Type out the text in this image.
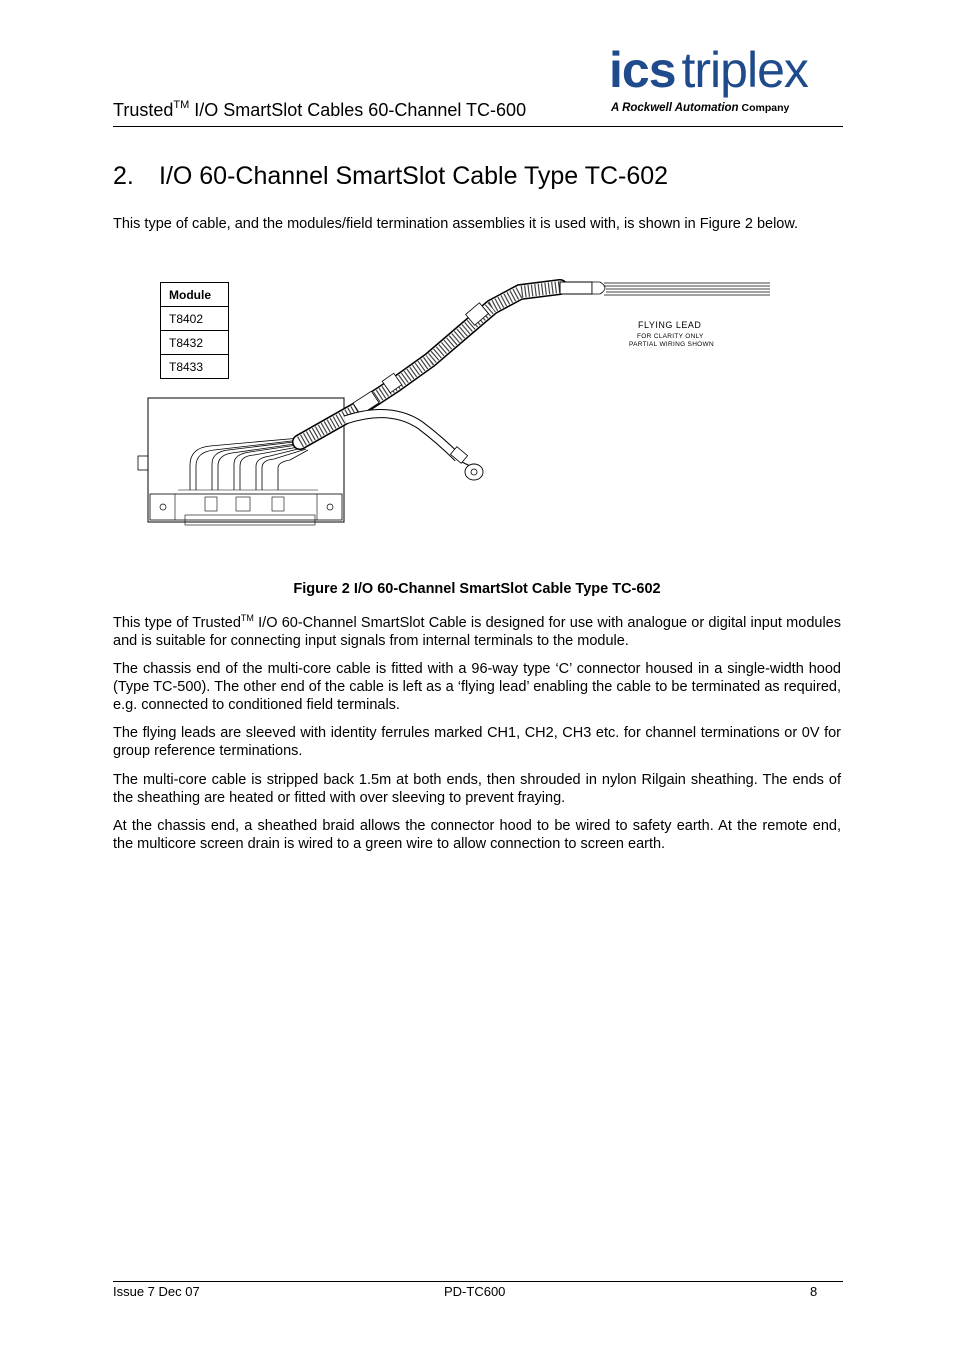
Trusted™ I/O SmartSlot Cables 60-Channel TC-600
ics triplex
A Rockwell Automation Company
2. I/O 60-Channel SmartSlot Cable Type TC-602

This type of cable, and the modules/field termination assemblies it is used with, is shown in Figure 2 below.

FLYING LEAD
FOR CLARITY ONLY
PARTIAL WIRING SHOWN
Module
T8402
T8432
T8433
Figure 2 I/O 60-Channel SmartSlot Cable Type TC-602

This type of Trusted™ I/O 60-Channel SmartSlot Cable is designed for use with analogue or digital input modules and is suitable for connecting input signals from internal terminals to the module.

The chassis end of the multi-core cable is fitted with a 96-way type ‘C’ connector housed in a single-width hood (Type TC-500). The other end of the cable is left as a ‘flying lead’ enabling the cable to be terminated as required, e.g. connected to conditioned field terminals.

The flying leads are sleeved with identity ferrules marked CH1, CH2, CH3 etc. for channel terminations or 0V for group reference terminations.

The multi-core cable is stripped back 1.5m at both ends, then shrouded in nylon Rilgain sheathing. The ends of the sheathing are heated or fitted with over sleeving to prevent fraying.

At the chassis end, a sheathed braid allows the connector hood to be wired to safety earth. At the remote end, the multicore screen drain is wired to a green wire to allow connection to screen earth.

Issue 7 Dec 07	PD-TC600	8
